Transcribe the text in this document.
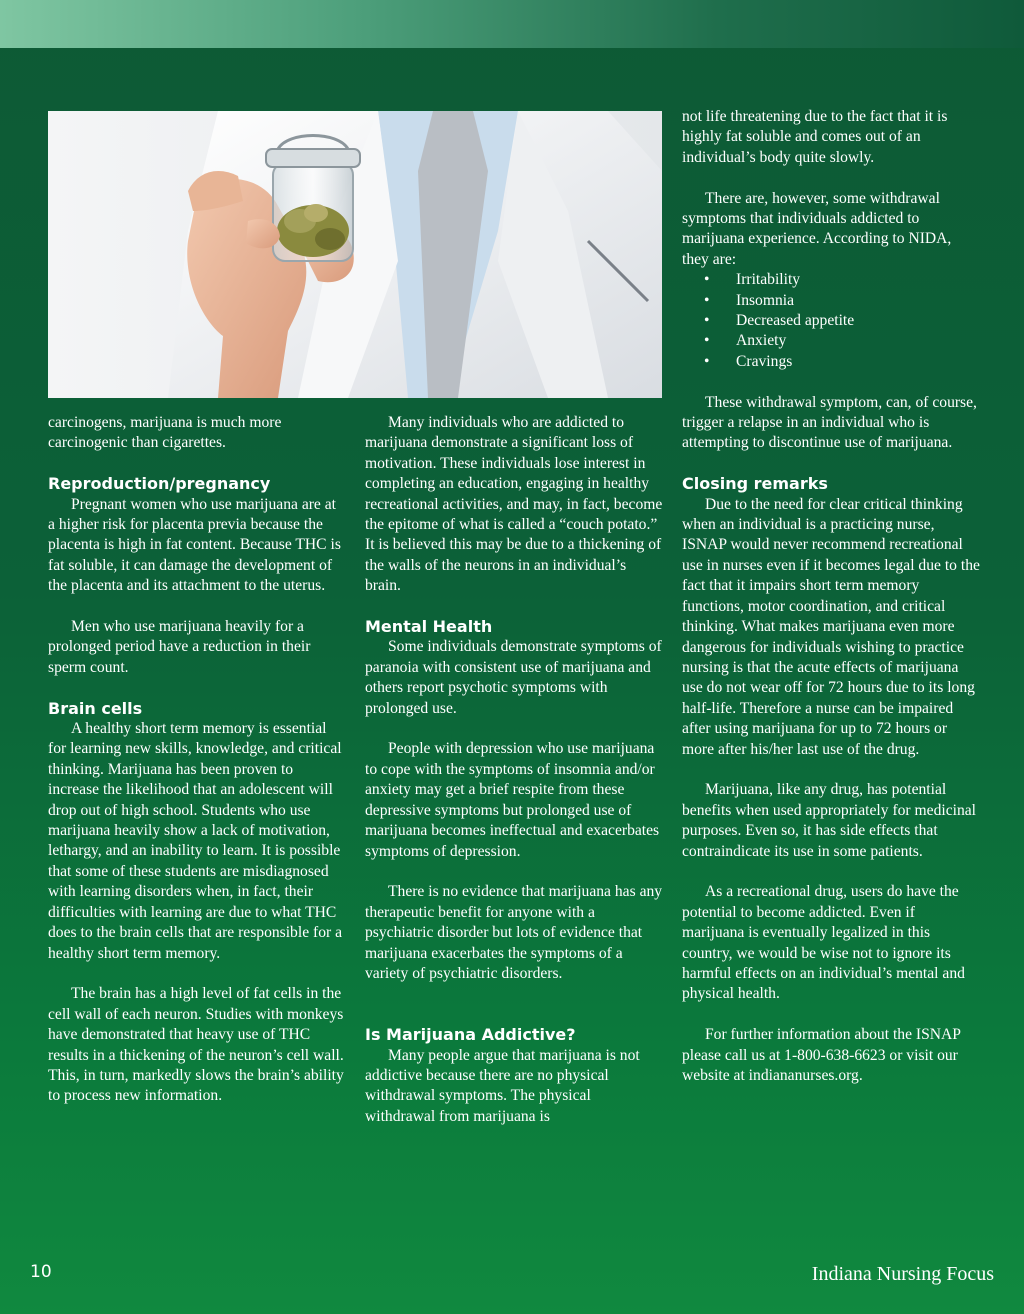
carcinogens, marijuana is much more carcinogenic than cigarettes.

Reproduction/pregnancy

Pregnant women who use marijuana are at a higher risk for placenta previa because the placenta is high in fat content. Because THC is fat soluble, it can damage the development of the placenta and its attachment to the uterus.

Men who use marijuana heavily for a prolonged period have a reduction in their sperm count.

Brain cells

A healthy short term memory is essential for learning new skills, knowledge, and critical thinking. Marijuana has been proven to increase the likelihood that an adolescent will drop out of high school. Students who use marijuana heavily show a lack of motivation, lethargy, and an inability to learn. It is possible that some of these students are misdiagnosed with learning disorders when, in fact, their difficulties with learning are due to what THC does to the brain cells that are responsible for a healthy short term memory.

The brain has a high level of fat cells in the cell wall of each neuron. Studies with monkeys have demonstrated that heavy use of THC results in a thickening of the neuron’s cell wall. This, in turn, markedly slows the brain’s ability to process new information.

Many individuals who are addicted to marijuana demonstrate a significant loss of motivation. These individuals lose interest in completing an education, engaging in healthy recreational activities, and may, in fact, become the epitome of what is called a “couch potato.” It is believed this may be due to a thickening of the walls of the neurons in an individual’s brain.

Mental Health

Some individuals demonstrate symptoms of paranoia with consistent use of marijuana and others report psychotic symptoms with prolonged use.

People with depression who use marijuana to cope with the symptoms of insomnia and/or anxiety may get a brief respite from these depressive symptoms but prolonged use of marijuana becomes ineffectual and exacerbates symptoms of depression.

There is no evidence that marijuana has any therapeutic benefit for anyone with a psychiatric disorder but lots of evidence that marijuana exacerbates the symptoms of a variety of psychiatric disorders.

Is Marijuana Addictive?

Many people argue that marijuana is not addictive because there are no physical withdrawal symptoms. The physical withdrawal from marijuana is

not life threatening due to the fact that it is highly fat soluble and comes out of an individual’s body quite slowly.

There are, however, some withdrawal symptoms that individuals addicted to marijuana experience. According to NIDA, they are:

• Irritability
• Insomnia
• Decreased appetite
• Anxiety
• Cravings

These withdrawal symptom, can, of course, trigger a relapse in an individual who is attempting to discontinue use of marijuana.

Closing remarks

Due to the need for clear critical thinking when an individual is a practicing nurse, ISNAP would never recommend recreational use in nurses even if it becomes legal due to the fact that it impairs short term memory functions, motor coordination, and critical thinking. What makes marijuana even more dangerous for individuals wishing to practice nursing is that the acute effects of marijuana use do not wear off for 72 hours due to its long half-life. Therefore a nurse can be impaired after using marijuana for up to 72 hours or more after his/her last use of the drug.

Marijuana, like any drug, has potential benefits when used appropriately for medicinal purposes. Even so, it has side effects that contraindicate its use in some patients.

As a recreational drug, users do have the potential to become addicted. Even if marijuana is eventually legalized in this country, we would be wise not to ignore its harmful effects on an individual’s mental and physical health.

For further information about the ISNAP please call us at 1-800-638-6623 or visit our website at indiananurses.org.

10	Indiana Nursing Focus
